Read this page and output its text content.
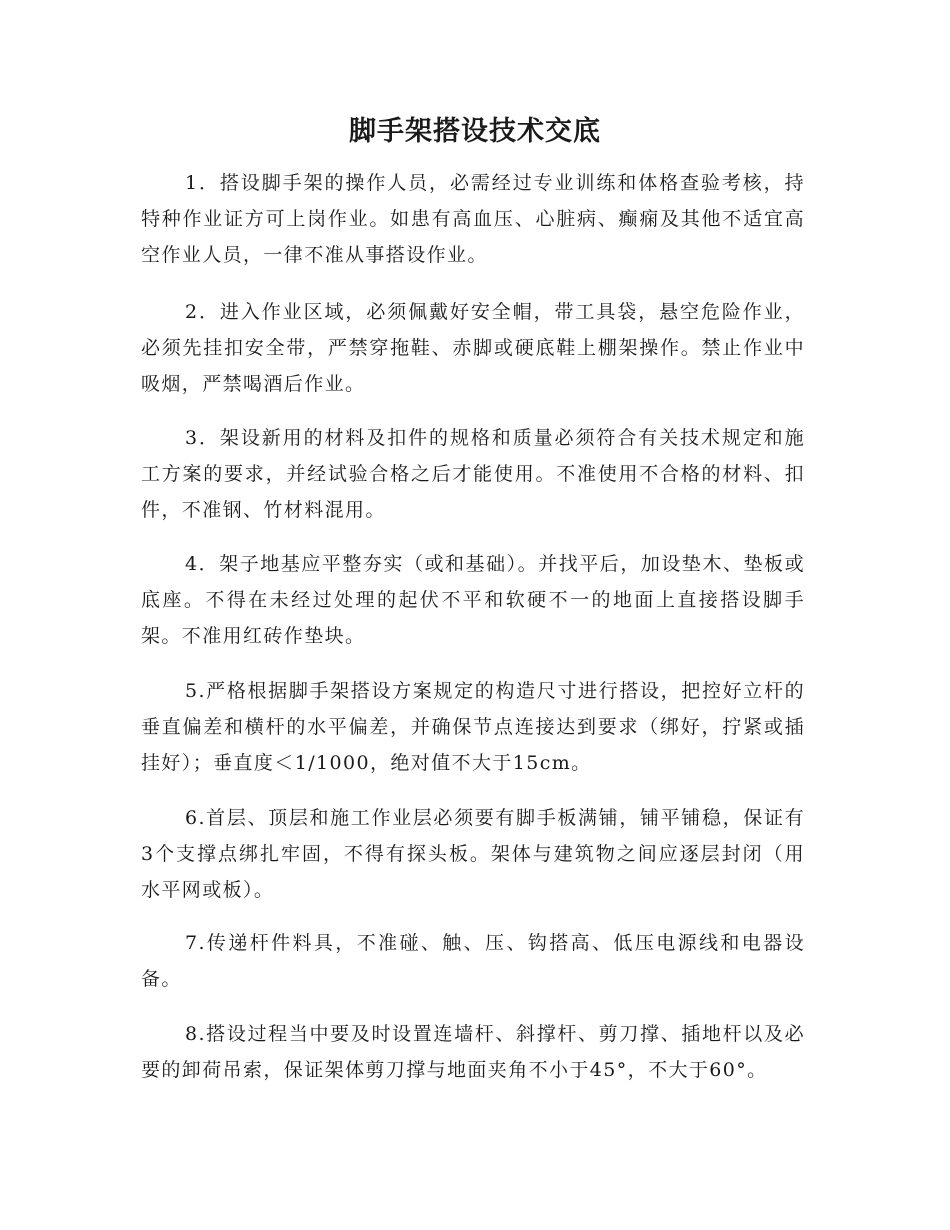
脚手架搭设技术交底

1．搭设脚手架的操作人员，必需经过专业训练和体格查验考核，持特种作业证方可上岗作业。如患有高血压、心脏病、癫痫及其他不适宜高空作业人员，一律不准从事搭设作业。

2．进入作业区域，必须佩戴好安全帽，带工具袋，悬空危险作业，必须先挂扣安全带，严禁穿拖鞋、赤脚或硬底鞋上棚架操作。禁止作业中吸烟，严禁喝酒后作业。

3．架设新用的材料及扣件的规格和质量必须符合有关技术规定和施工方案的要求，并经试验合格之后才能使用。不准使用不合格的材料、扣件，不准钢、竹材料混用。

4．架子地基应平整夯实（或和基础）。并找平后，加设垫木、垫板或底座。不得在未经过处理的起伏不平和软硬不一的地面上直接搭设脚手架。不准用红砖作垫块。

5.严格根据脚手架搭设方案规定的构造尺寸进行搭设，把控好立杆的垂直偏差和横杆的水平偏差，并确保节点连接达到要求（绑好，拧紧或插挂好）；垂直度＜1/1000，绝对值不大于15cm。

6.首层、顶层和施工作业层必须要有脚手板满铺，铺平铺稳，保证有3个支撑点绑扎牢固，不得有探头板。架体与建筑物之间应逐层封闭（用水平网或板）。

7.传递杆件料具，不准碰、触、压、钩搭高、低压电源线和电器设备。

8.搭设过程当中要及时设置连墙杆、斜撑杆、剪刀撑、插地杆以及必要的卸荷吊索，保证架体剪刀撑与地面夹角不小于45°，不大于60°。
